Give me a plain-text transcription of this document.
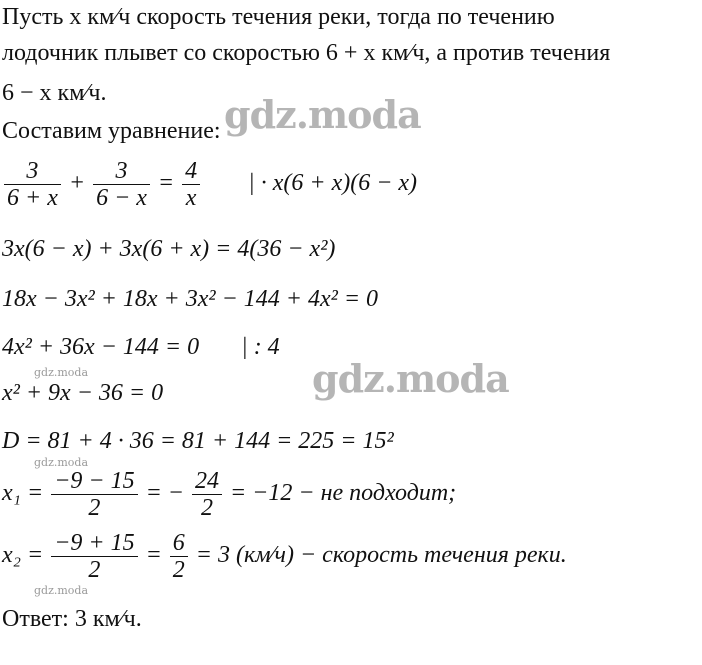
Пусть x км⁄ч скорость течения реки, тогда по течению
лодочник плывет со скоростью 6 + x км⁄ч, а против течения
6 − x км⁄ч.
Составим уравнение:
$\frac{3}{6 + x} + \frac{3}{6 - x} = \frac{4}{x}$ | · x(6 + x)(6 − x)
3x(6 − x) + 3x(6 + x) = 4(36 − x²)
18x − 3x² + 18x + 3x² − 144 + 4x² = 0
4x² + 36x − 144 = 0 | : 4
x² + 9x − 36 = 0
D = 81 + 4 · 36 = 81 + 144 = 225 = 15²
$x_1 = \frac{-9 - 15}{2}$ = − $\frac{24}{2} = -12$ − не подходит;
$x_2 = \frac{-9 + 15}{2} = \frac{6}{2} = 3$ (км⁄ч) − скорость течения реки.
Ответ: 3 км⁄ч.
gdz.moda
gdz.moda
gdz.moda
gdz.moda
gdz.moda
